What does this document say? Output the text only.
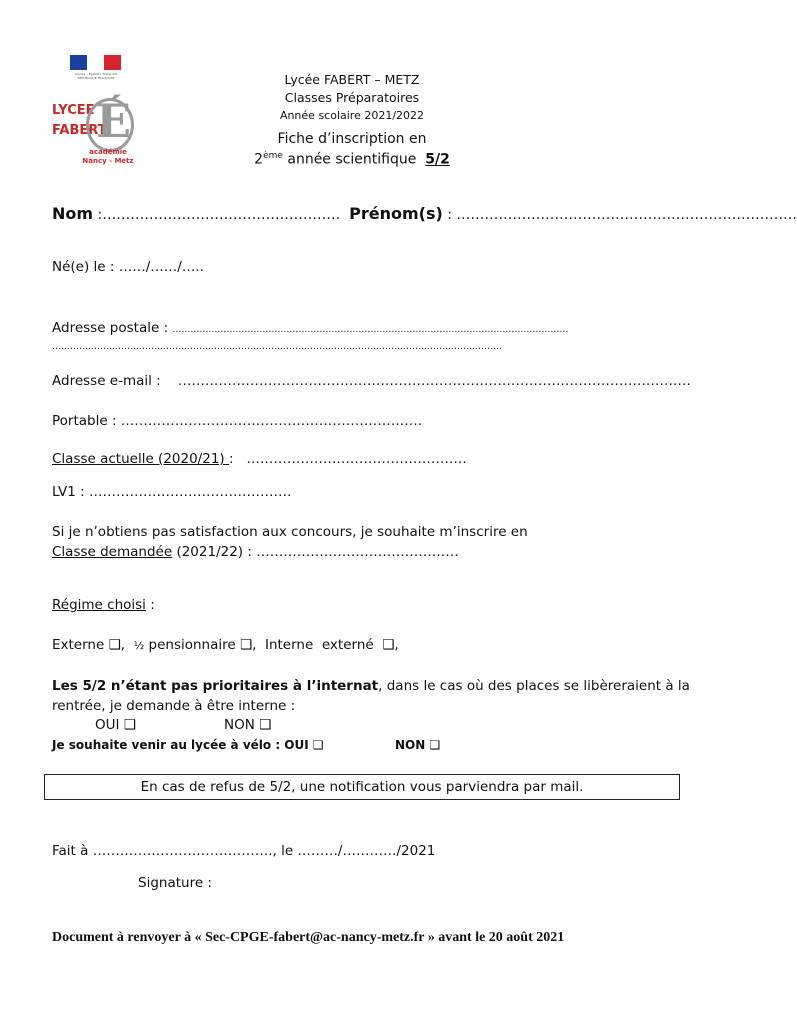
Liberté • Égalité • Fraternité RÉPUBLIQUE FRANÇAISE
LYCEE
FABERT
É
académie
Nancy - Metz
Lycée FABERT – METZ
Classes Préparatoires
Année scolaire 2021/2022
Fiche d’inscription en
2ème année scientifique  5/2
Nom :……………………………………………  Prénom(s) : ……………………………………………………………….
Né(e) le : ……/……/…..
Adresse postale : ……………………………………………………………………………………………………………………
……………………………………………………………………………………………………………………………………
Adresse e-mail :    ……………………………………………………………………………………………………
Portable : ………………………………………………………….
Classe actuelle (2020/21) :   ………………………………………….
LV1 : ………………………………………
Si je n’obtiens pas satisfaction aux concours, je souhaite m’inscrire en
Classe demandée (2021/22) : ………………………………………
Régime choisi :
Externe ❑,  ½ pensionnaire ❑,  Interne  externé  ❑,
Les 5/2 n’étant pas prioritaires à l’internat, dans le cas où des places se libèreraient à la
rentrée, je demande à être interne :
OUI ❑	NON ❑
Je souhaite venir au lycée à vélo : OUI ❑	NON ❑
En cas de refus de 5/2, une notification vous parviendra par mail.
Fait à …………………………………., le ………/…………/2021
Signature :
Document à renvoyer à « Sec-CPGE-fabert@ac-nancy-metz.fr » avant le 20 août 2021
